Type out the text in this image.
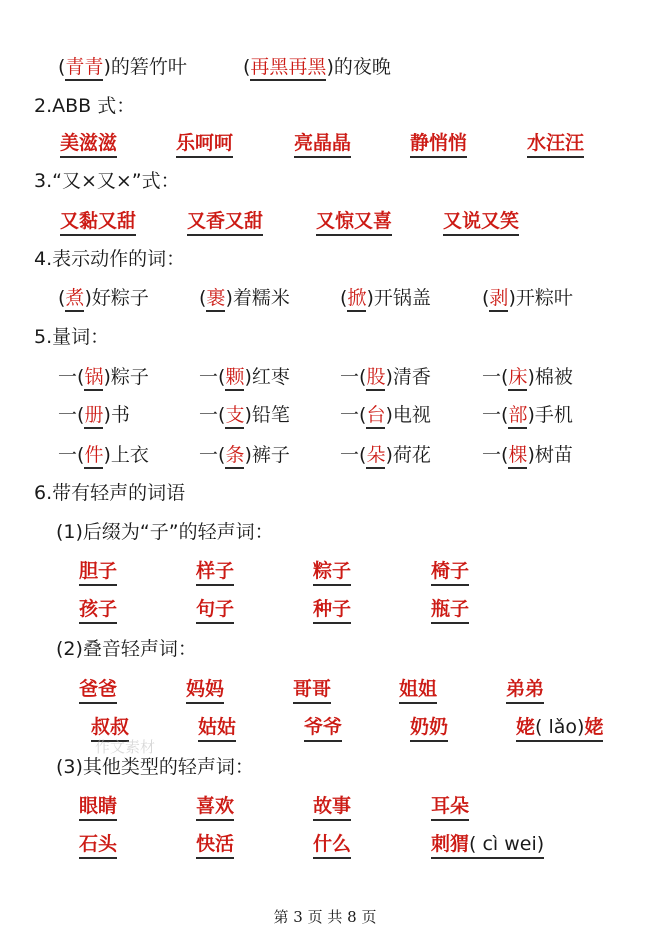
(青青)的箬竹叶	(再黑再黑)的夜晚
2.ABB 式：
美滋滋	乐呵呵	亮晶晶	静悄悄	水汪汪
3.“又×又×”式：
又黏又甜	又香又甜	又惊又喜	又说又笑
4.表示动作的词：
(煮)好粽子	(裹)着糯米	(掀)开锅盖	(剥)开粽叶
5.量词：
一(锅)粽子	一(颗)红枣	一(股)清香	一(床)棉被
一(册)书	一(支)铅笔	一(台)电视	一(部)手机
一(件)上衣	一(条)裤子	一(朵)荷花	一(棵)树苗
6.带有轻声的词语
(1)后缀为“子”的轻声词：
胆子	样子	粽子	椅子
孩子	句子	种子	瓶子
(2)叠音轻声词：
爸爸	妈妈	哥哥	姐姐	弟弟
叔叔	姑姑	爷爷	奶奶	姥( lǎo)姥
作文素材
(3)其他类型的轻声词：
眼睛	喜欢	故事	耳朵
石头	快活	什么	刺猬( cì wei)
第 3 页 共 8 页
